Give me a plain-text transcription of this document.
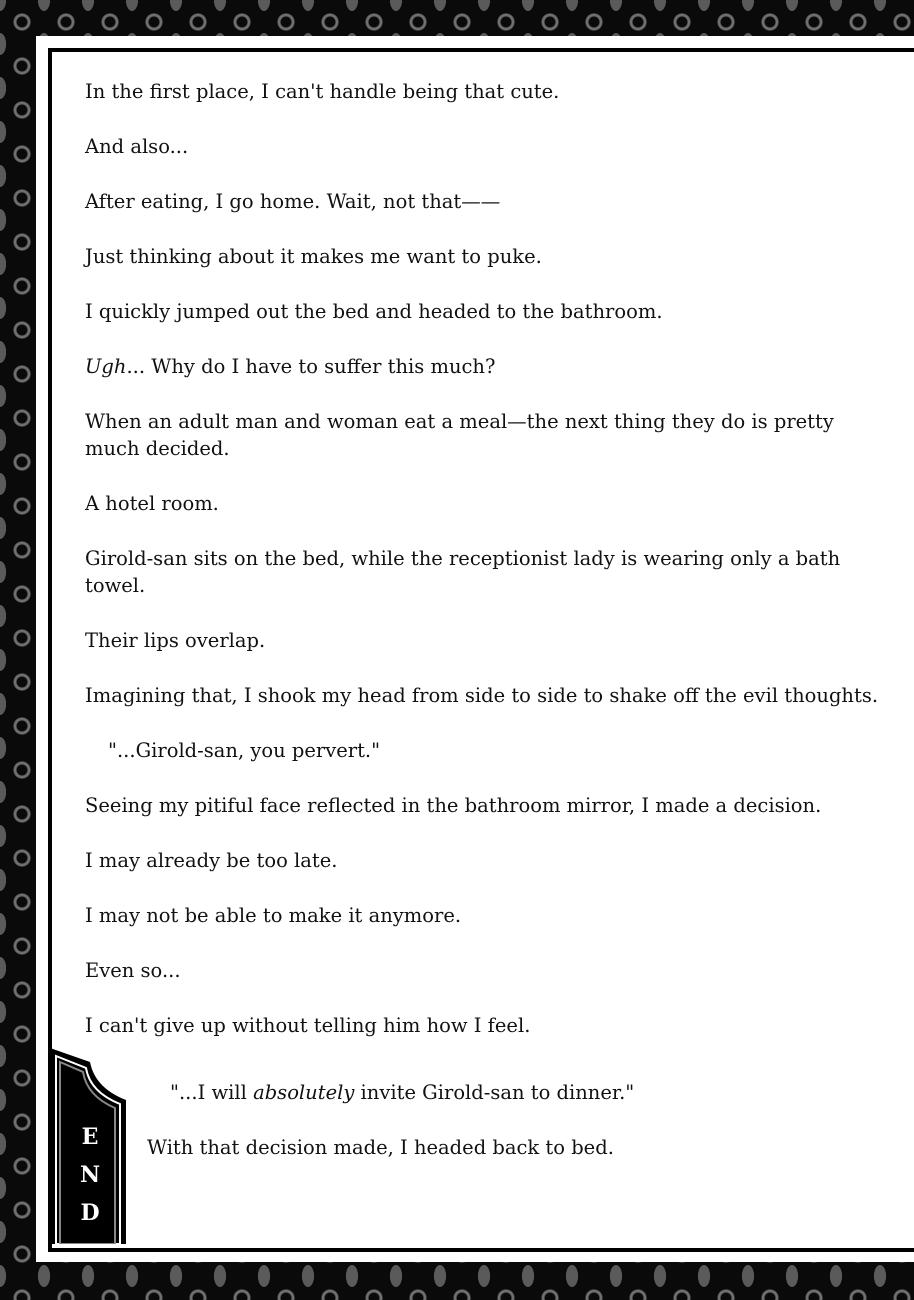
In the first place, I can't handle being that cute.

And also...

After eating, I go home. Wait, not that——

Just thinking about it makes me want to puke.

I quickly jumped out the bed and headed to the bathroom.

Ugh... Why do I have to suffer this much?

When an adult man and woman eat a meal—the next thing they do is pretty much decided.

A hotel room.

Girold-san sits on the bed, while the receptionist lady is wearing only a bath towel.

Their lips overlap.

Imagining that, I shook my head from side to side to shake off the evil thoughts.

"...Girold-san, you pervert."

Seeing my pitiful face reflected in the bathroom mirror, I made a decision.

I may already be too late.

I may not be able to make it anymore.

Even so...

I can't give up without telling him how I feel.

"...I will absolutely invite Girold-san to dinner."

With that decision made, I headed back to bed.

E
N
D
